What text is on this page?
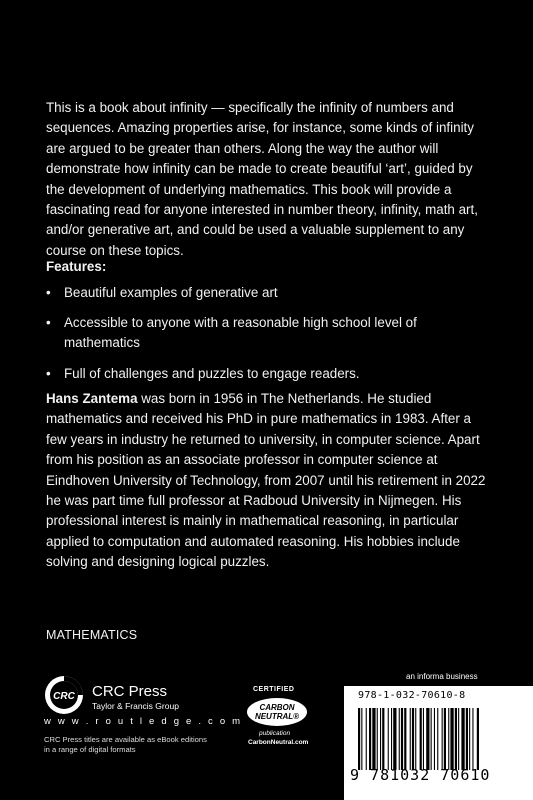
This is a book about infinity — specifically the infinity of numbers and sequences. Amazing properties arise, for instance, some kinds of infinity are argued to be greater than others. Along the way the author will demonstrate how infinity can be made to create beautiful ‘art’, guided by the development of underlying mathematics. This book will provide a fascinating read for anyone interested in number theory, infinity, math art, and/or generative art, and could be used a valuable supplement to any course on these topics.

Features:
• Beautiful examples of generative art
• Accessible to anyone with a reasonable high school level of mathematics
• Full of challenges and puzzles to engage readers.

Hans Zantema was born in 1956 in The Netherlands. He studied mathematics and received his PhD in pure mathematics in 1983. After a few years in industry he returned to university, in computer science. Apart from his position as an associate professor in computer science at Eindhoven University of Technology, from 2007 until his retirement in 2022 he was part time full professor at Radboud University in Nijmegen. His professional interest is mainly in mathematical reasoning, in particular applied to computation and automated reasoning. His hobbies include solving and designing logical puzzles.

MATHEMATICS
CRC CRC Press
Taylor & Francis Group
w w w . r o u t l e d g e . c o m
CRC Press titles are available as eBook editions in a range of digital formats
CERTIFIED
CARBON
NEUTRAL®
publication
CarbonNeutral.com
an informa business
978-1-032-70610-8
9 781032 70610
